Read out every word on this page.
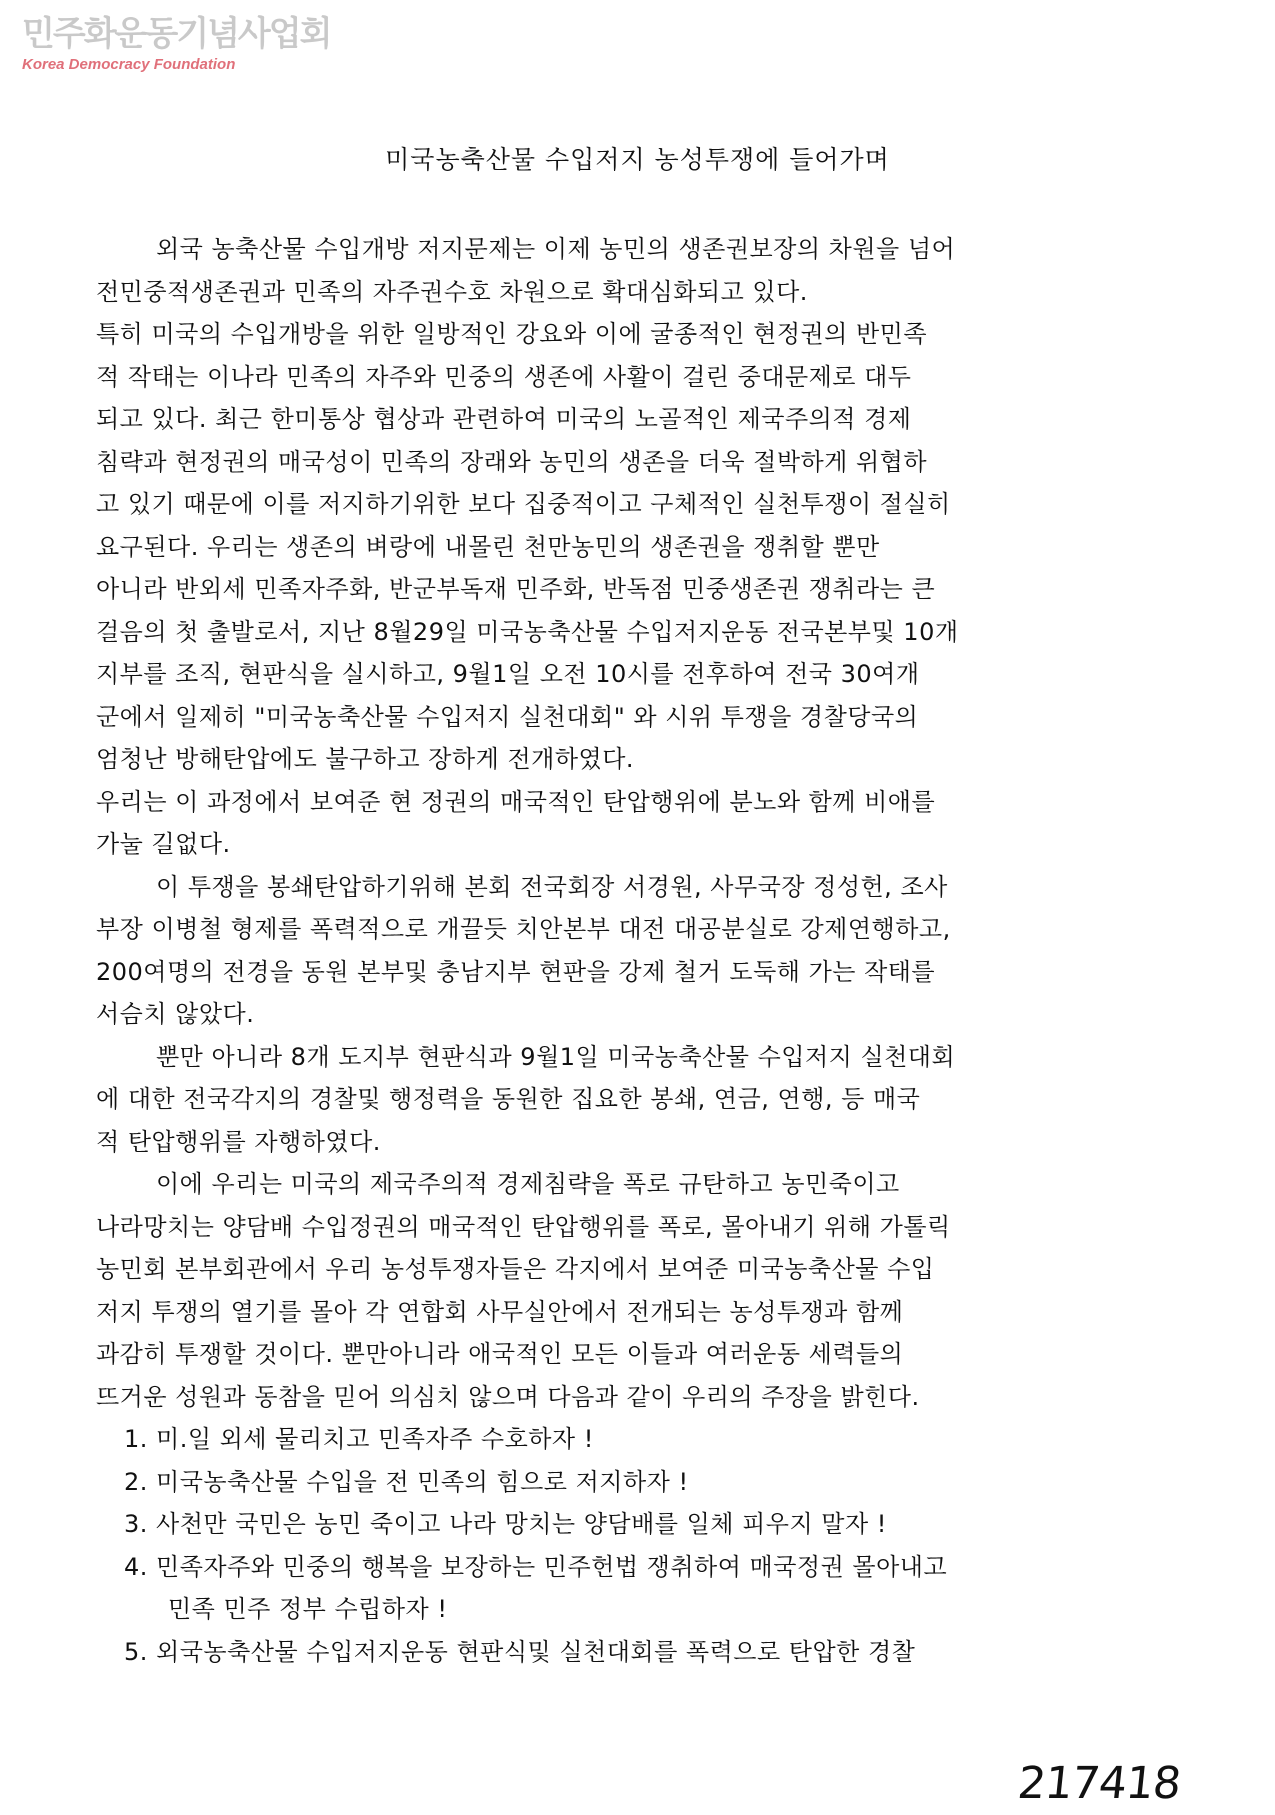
민주화운동기념사업회
Korea Democracy Foundation
미국농축산물 수입저지 농성투쟁에 들어가며

외국 농축산물 수입개방 저지문제는 이제 농민의 생존권보장의 차원을 넘어

전민중적생존권과 민족의 자주권수호 차원으로 확대심화되고 있다.

특히 미국의 수입개방을 위한 일방적인 강요와 이에 굴종적인 현정권의 반민족

적 작태는 이나라 민족의 자주와 민중의 생존에 사활이 걸린 중대문제로 대두

되고 있다. 최근 한미통상 협상과 관련하여 미국의 노골적인 제국주의적 경제

침략과 현정권의 매국성이 민족의 장래와 농민의 생존을 더욱 절박하게 위협하

고 있기 때문에 이를 저지하기위한 보다 집중적이고 구체적인 실천투쟁이 절실히

요구된다. 우리는 생존의 벼랑에 내몰린 천만농민의 생존권을 쟁취할 뿐만

아니라 반외세 민족자주화, 반군부독재 민주화, 반독점 민중생존권 쟁취라는 큰

걸음의 첫 출발로서, 지난 8월29일 미국농축산물 수입저지운동 전국본부및 10개

지부를 조직, 현판식을 실시하고, 9월1일 오전 10시를 전후하여 전국 30여개

군에서 일제히 "미국농축산물 수입저지 실천대회" 와 시위 투쟁을 경찰당국의

엄청난 방해탄압에도 불구하고 장하게 전개하였다.

우리는 이 과정에서 보여준 현 정권의 매국적인 탄압행위에 분노와 함께 비애를

가눌 길없다.

이 투쟁을 봉쇄탄압하기위해 본회 전국회장 서경원, 사무국장 정성헌, 조사

부장 이병철 형제를 폭력적으로 개끌듯 치안본부 대전 대공분실로 강제연행하고,

200여명의 전경을 동원 본부및 충남지부 현판을 강제 철거 도둑해 가는 작태를

서슴치 않았다.

뿐만 아니라 8개 도지부 현판식과 9월1일 미국농축산물 수입저지 실천대회

에 대한 전국각지의 경찰및 행정력을 동원한 집요한 봉쇄, 연금, 연행, 등 매국

적 탄압행위를 자행하였다.

이에 우리는 미국의 제국주의적 경제침략을 폭로 규탄하고 농민죽이고

나라망치는 양담배 수입정권의 매국적인 탄압행위를 폭로, 몰아내기 위해 가톨릭

농민회 본부회관에서 우리 농성투쟁자들은 각지에서 보여준 미국농축산물 수입

저지 투쟁의 열기를 몰아 각 연합회 사무실안에서 전개되는 농성투쟁과 함께

과감히 투쟁할 것이다. 뿐만아니라 애국적인 모든 이들과 여러운동 세력들의

뜨거운 성원과 동참을 믿어 의심치 않으며 다음과 같이 우리의 주장을 밝힌다.

1. 미.일 외세 물리치고 민족자주 수호하자 !

2. 미국농축산물 수입을 전 민족의 힘으로 저지하자 !

3. 사천만 국민은 농민 죽이고 나라 망치는 양담배를 일체 피우지 말자 !

4. 민족자주와 민중의 행복을 보장하는 민주헌법 쟁취하여 매국정권 몰아내고

민족 민주 정부 수립하자 !

5. 외국농축산물 수입저지운동 현판식및 실천대회를 폭력으로 탄압한 경찰

217418
